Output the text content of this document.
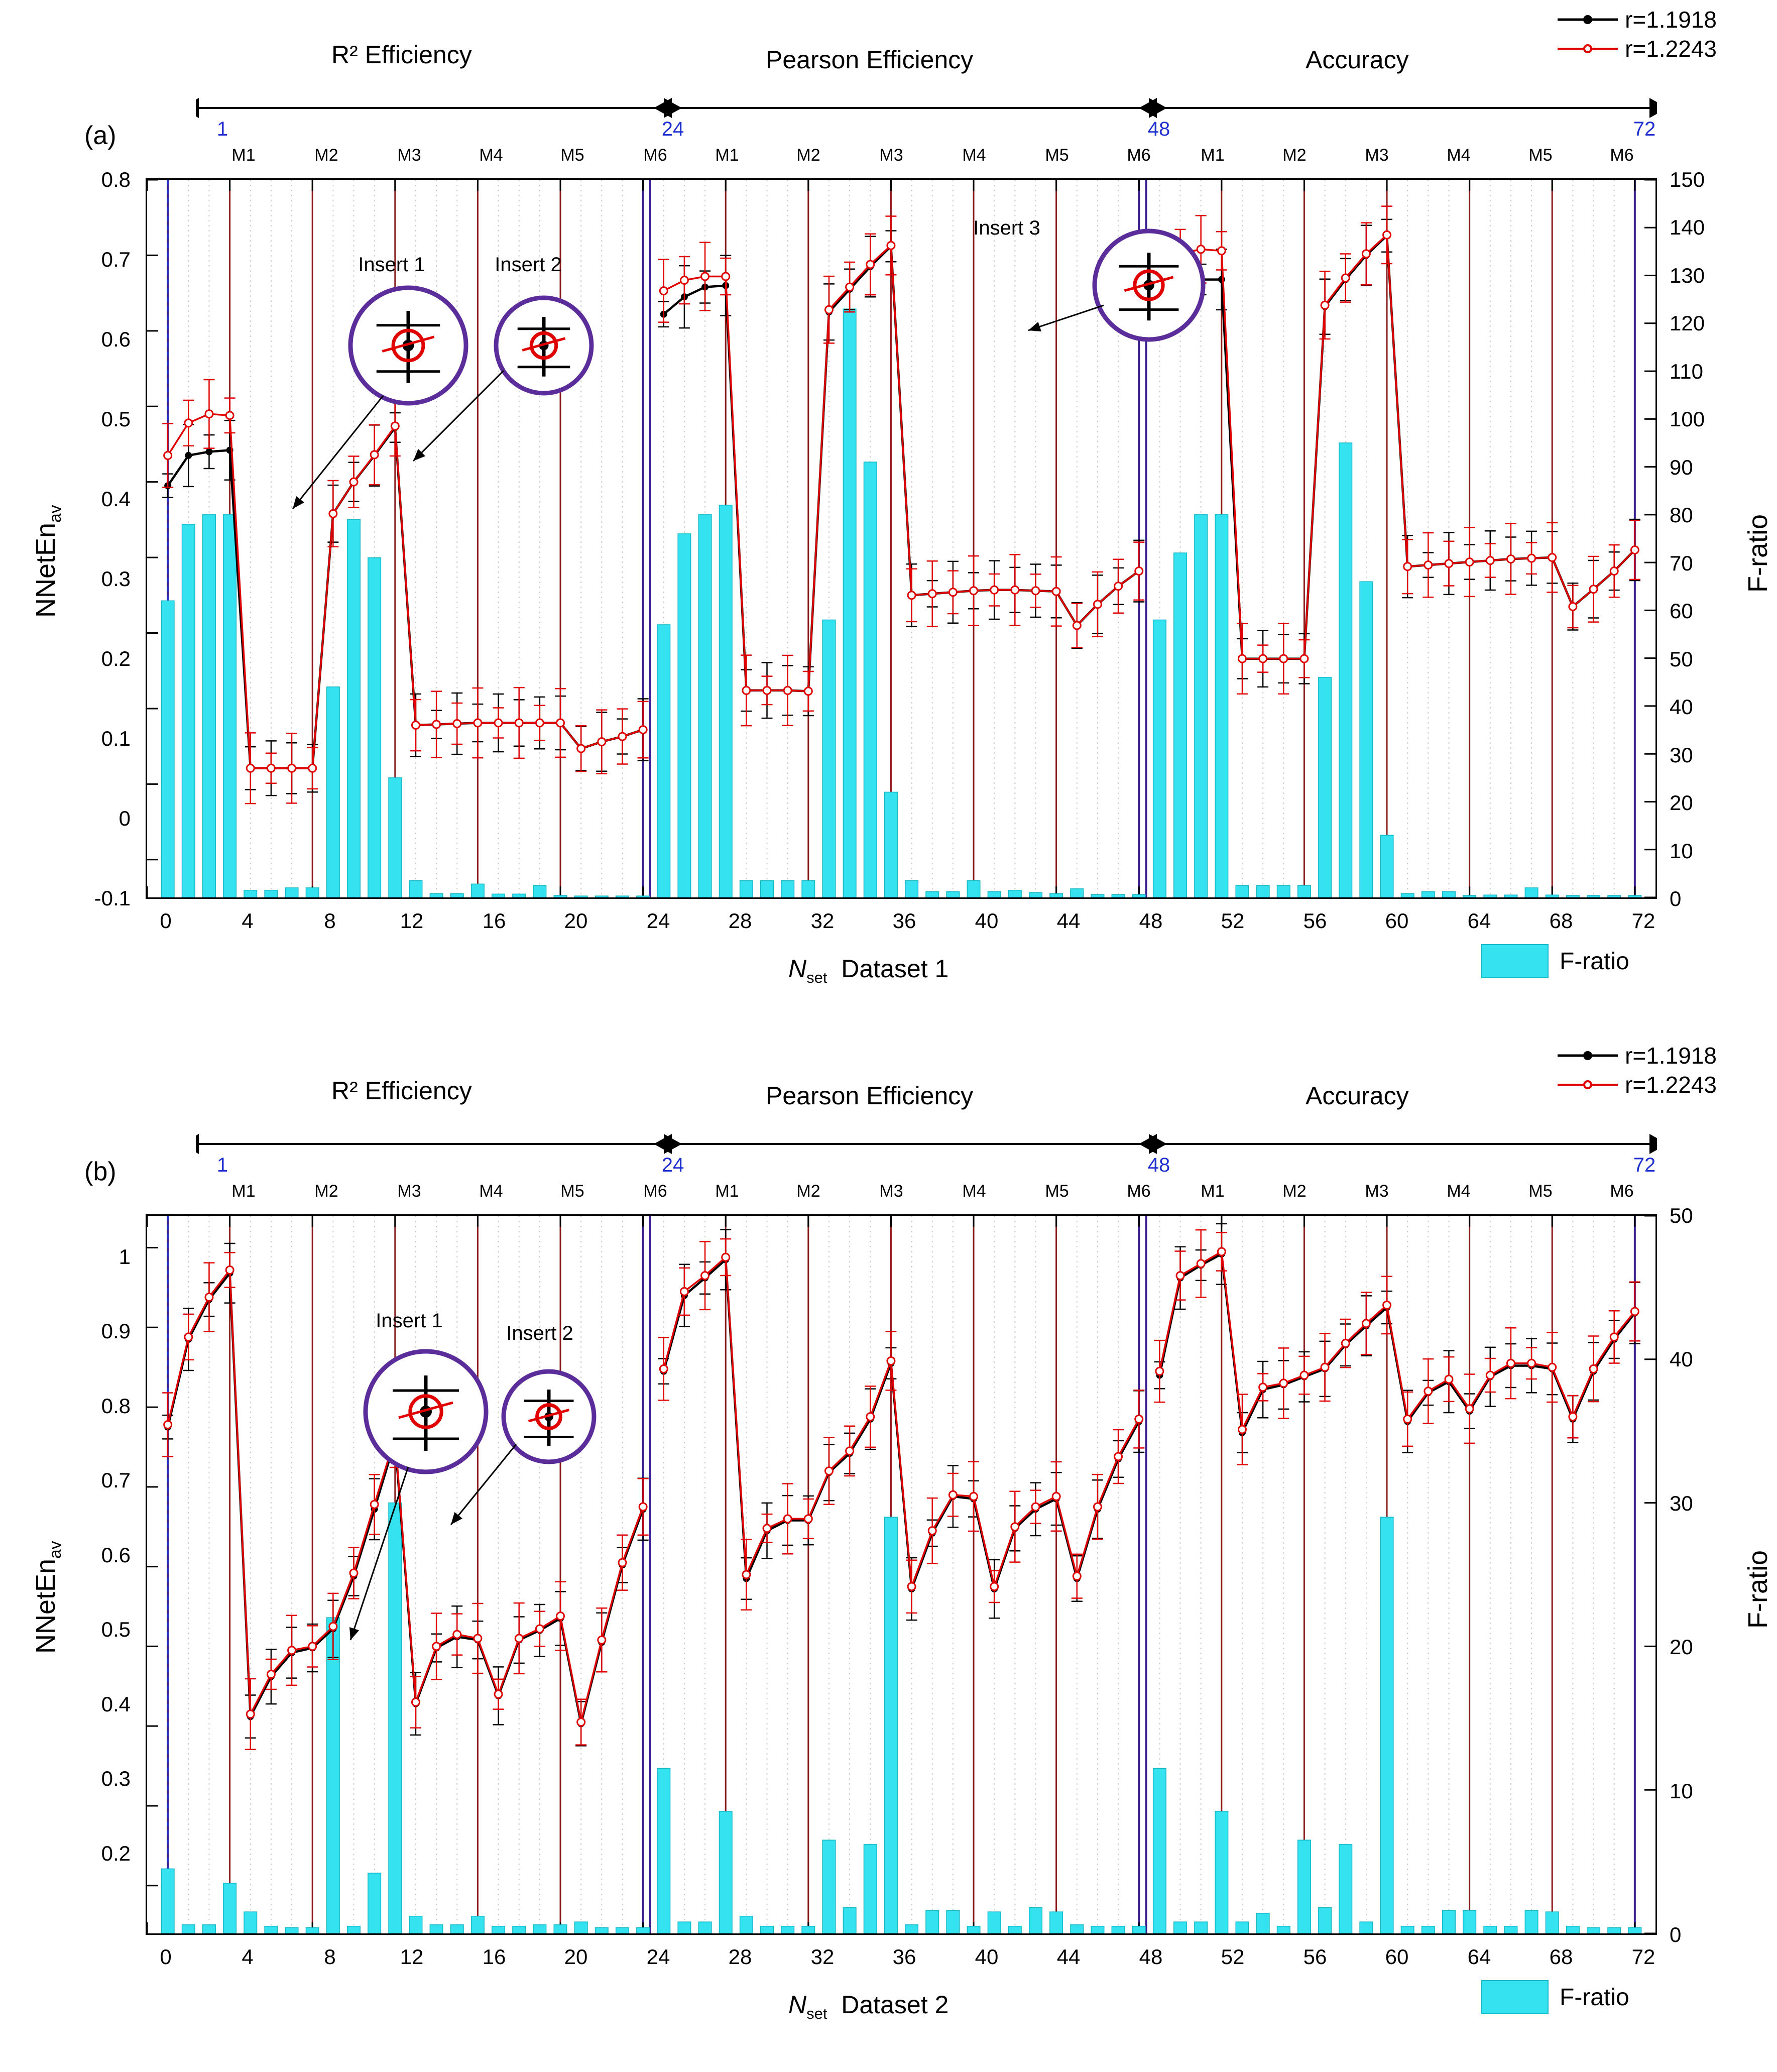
r=1.1918
r=1.2243
R² Efficiency	Pearson Efficiency	Accuracy
1	24	48	72
M1	M2	M3	M4	M5	M6	M1	M2	M3	M4	M5	M6	M1	M2	M3	M4	M5	M6
(a)
NNetEn$_{av}$
F-ratio
0.8
0.7
0.6
0.5
0.4
0.3
0.2
0.1
0
-0.1
150
140
130
120
110
100
90
80
70
60
50
40
30
20
10
0
0	4	8	12	16	20	24	28	32	36	40	44	48	52	56	60	64	68	72
$N_{set}$ Dataset 1	F-ratio
Insert 1	Insert 2
Insert 3
r=1.1918
r=1.2243
R² Efficiency	Pearson Efficiency	Accuracy
1	24	48	72
M1	M2	M3	M4	M5	M6	M1	M2	M3	M4	M5	M6	M1	M2	M3	M4	M5	M6
(b)
NNetEn$_{av}$
F-ratio
1
0.9
0.8
0.7
0.6
0.5
0.4
0.3
0.2
50
40
30
20
10
0
0	4	8	12	16	20	24	28	32	36	40	44	48	52	56	60	64	68	72
$N_{set}$ Dataset 2	F-ratio
Insert 1
Insert 2
